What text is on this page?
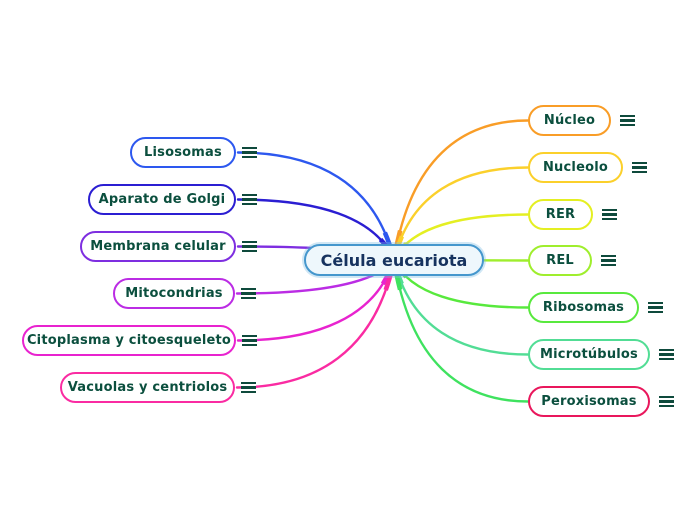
Lisosomas
Aparato de Golgi
Membrana celular
Mitocondrias
Citoplasma y citoesqueleto
Vacuolas y centriolos
Núcleo
Nucleolo
RER
REL
Ribosomas
Microtúbulos
Peroxisomas
Célula eucariota
